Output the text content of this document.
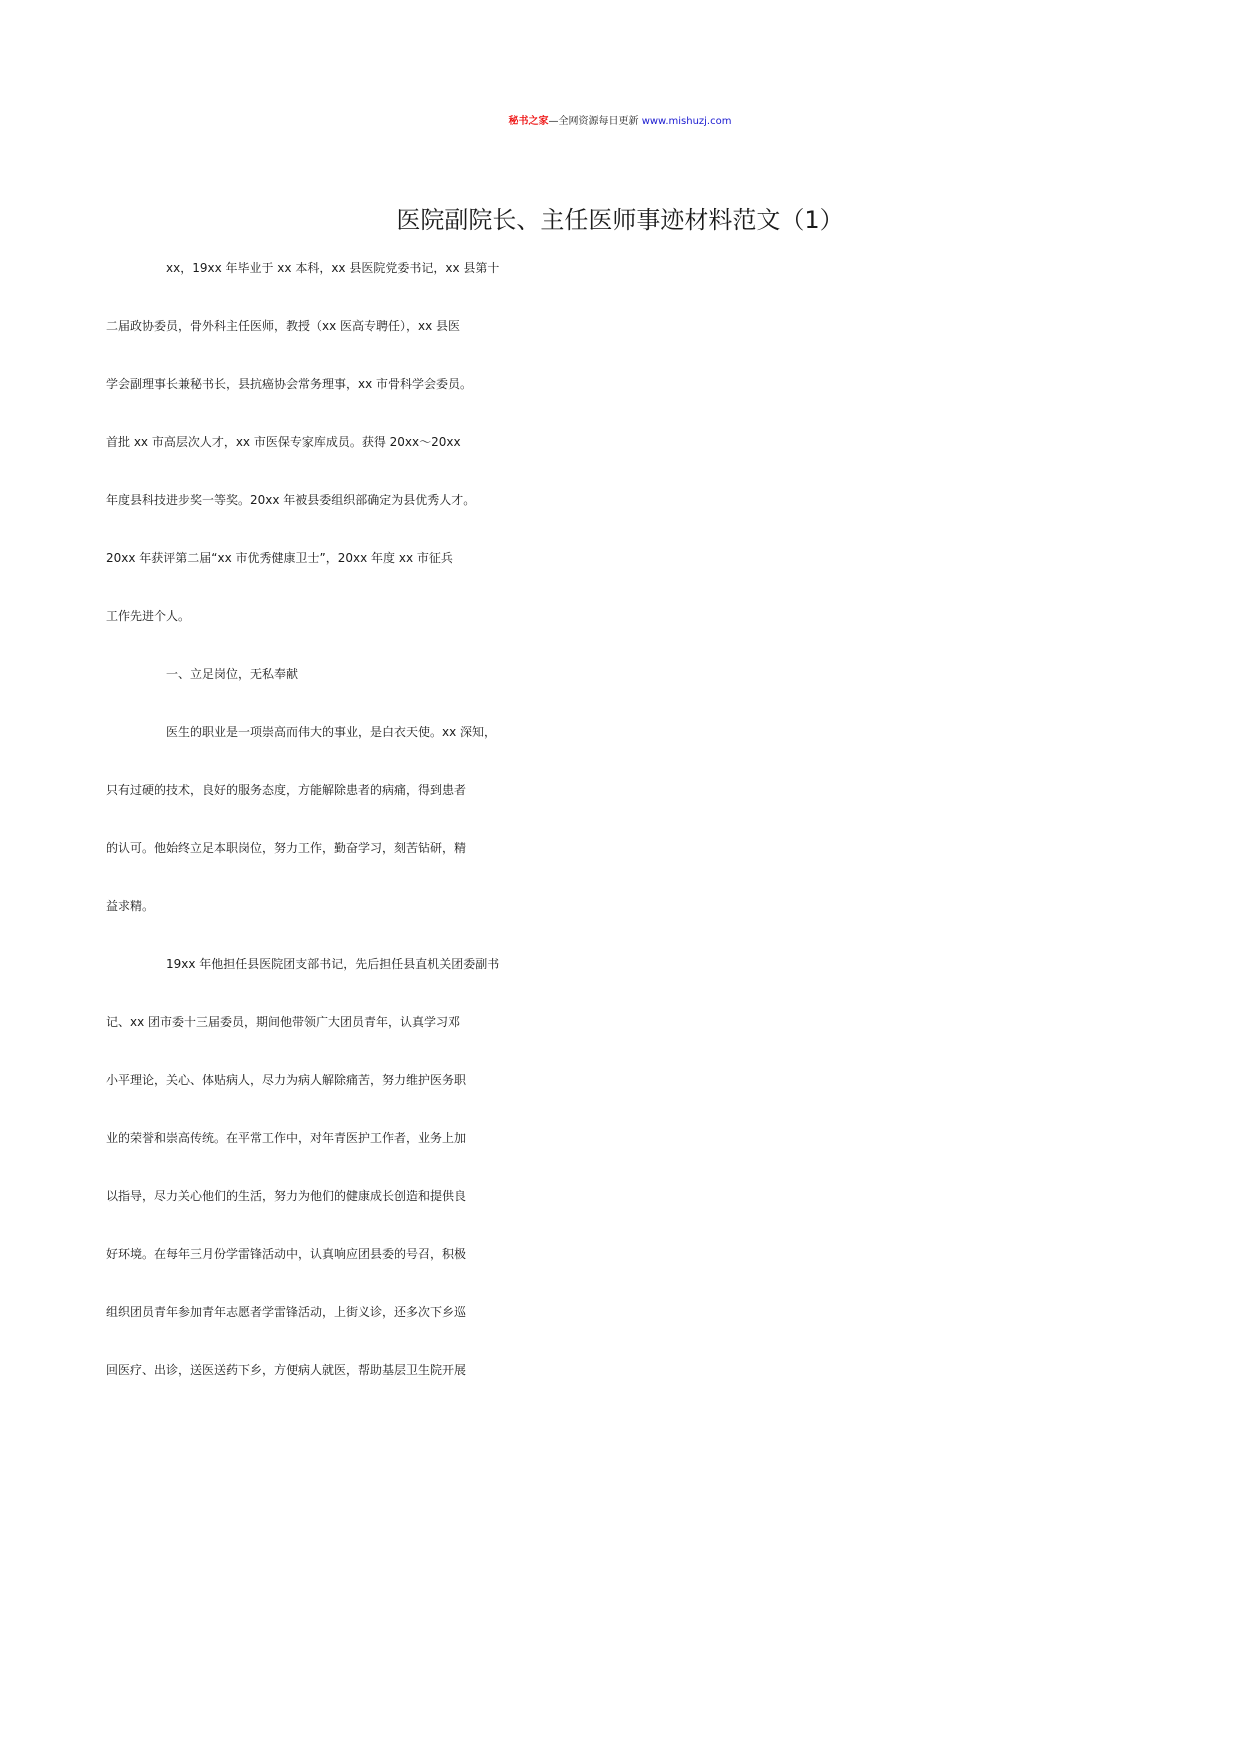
秘书之家—全网资源每日更新 www.mishuzj.com
医院副院长、主任医师事迹材料范文（1）

xx，19xx 年毕业于 xx 本科，xx 县医院党委书记，xx 县第十

二届政协委员，骨外科主任医师，教授（xx 医高专聘任），xx 县医

学会副理事长兼秘书长，县抗癌协会常务理事，xx 市骨科学会委员。

首批 xx 市高层次人才，xx 市医保专家库成员。获得 20xx～20xx

年度县科技进步奖一等奖。20xx 年被县委组织部确定为县优秀人才。

20xx 年获评第二届“xx 市优秀健康卫士”，20xx 年度 xx 市征兵

工作先进个人。

一、立足岗位，无私奉献

医生的职业是一项崇高而伟大的事业，是白衣天使。xx 深知，

只有过硬的技术，良好的服务态度，方能解除患者的病痛，得到患者

的认可。他始终立足本职岗位，努力工作，勤奋学习，刻苦钻研，精

益求精。

19xx 年他担任县医院团支部书记，先后担任县直机关团委副书

记、xx 团市委十三届委员，期间他带领广大团员青年，认真学习邓

小平理论，关心、体贴病人，尽力为病人解除痛苦，努力维护医务职

业的荣誉和崇高传统。在平常工作中，对年青医护工作者，业务上加

以指导，尽力关心他们的生活，努力为他们的健康成长创造和提供良

好环境。在每年三月份学雷锋活动中，认真响应团县委的号召，积极

组织团员青年参加青年志愿者学雷锋活动，上街义诊，还多次下乡巡

回医疗、出诊，送医送药下乡，方便病人就医，帮助基层卫生院开展
